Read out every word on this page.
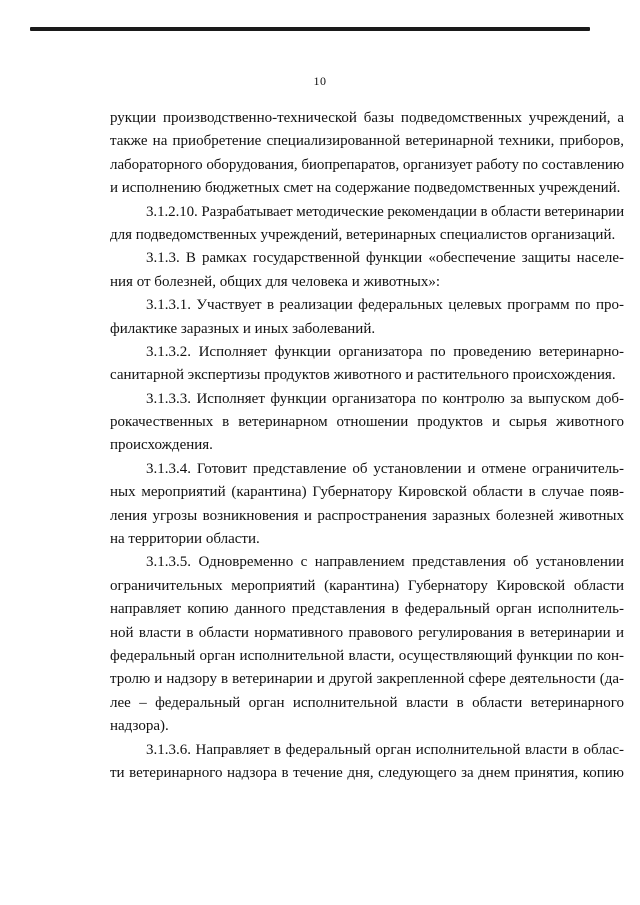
10
рукции производственно-технической базы подведомственных учреждений, а
также на приобретение специализированной ветеринарной техники, приборов,
лабораторного оборудования, биопрепаратов, организует работу по составлению
и исполнению бюджетных смет на содержание подведомственных учреждений.
3.1.2.10. Разрабатывает методические рекомендации в области ветеринарии
для подведомственных учреждений, ветеринарных специалистов организаций.
3.1.3. В рамках государственной функции «обеспечение защиты населе-
ния от болезней, общих для человека и животных»:
3.1.3.1. Участвует в реализации федеральных целевых программ по про-
филактике заразных и иных заболеваний.
3.1.3.2. Исполняет функции организатора по проведению ветеринарно-
санитарной экспертизы продуктов животного и растительного происхождения.
3.1.3.3. Исполняет функции организатора по контролю за выпуском доб-
рокачественных в ветеринарном отношении продуктов и сырья животного
происхождения.
3.1.3.4. Готовит представление об установлении и отмене ограничитель-
ных мероприятий (карантина) Губернатору Кировской области в случае появ-
ления угрозы возникновения и распространения заразных болезней животных
на территории области.
3.1.3.5. Одновременно с направлением представления об установлении
ограничительных мероприятий (карантина) Губернатору Кировской области
направляет копию данного представления в федеральный орган исполнитель-
ной власти в области нормативного правового регулирования в ветеринарии и
федеральный орган исполнительной власти, осуществляющий функции по кон-
тролю и надзору в ветеринарии и другой закрепленной сфере деятельности (да-
лее – федеральный орган исполнительной власти в области ветеринарного
надзора).
3.1.3.6. Направляет в федеральный орган исполнительной власти в облас-
ти ветеринарного надзора в течение дня, следующего за днем принятия, копию
